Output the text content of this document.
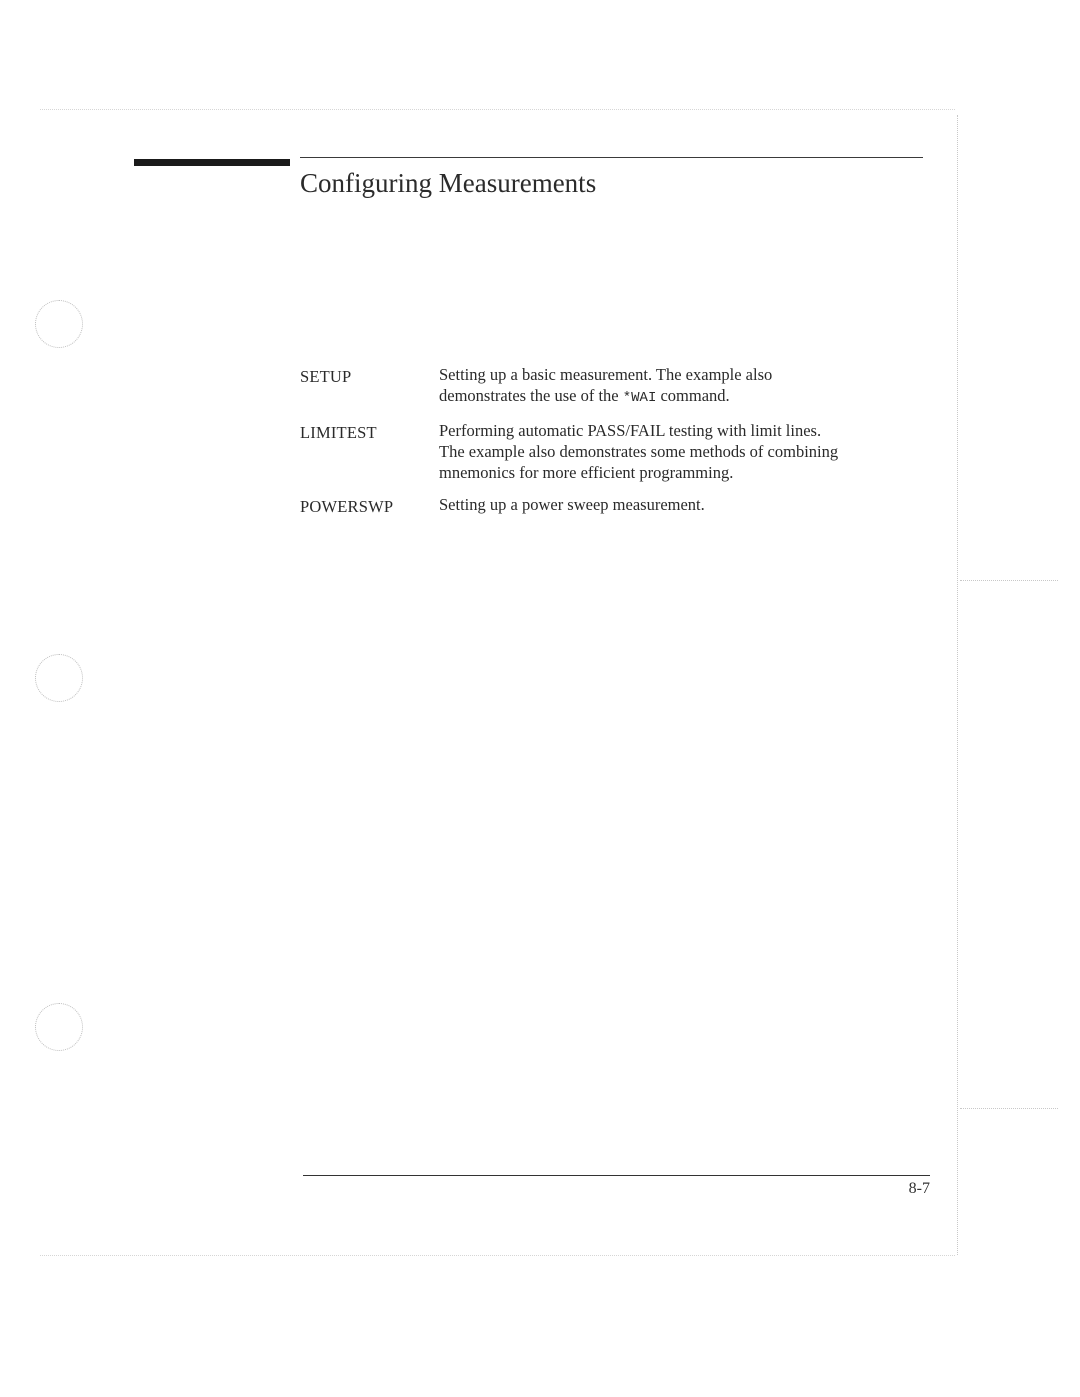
Configuring Measurements
SETUP	Setting up a basic measurement. The example also
demonstrates the use of the *WAI command.
LIMITEST	Performing automatic PASS/FAIL testing with limit lines.
The example also demonstrates some methods of combining
mnemonics for more efficient programming.
POWERSWP	Setting up a power sweep measurement.
8-7
